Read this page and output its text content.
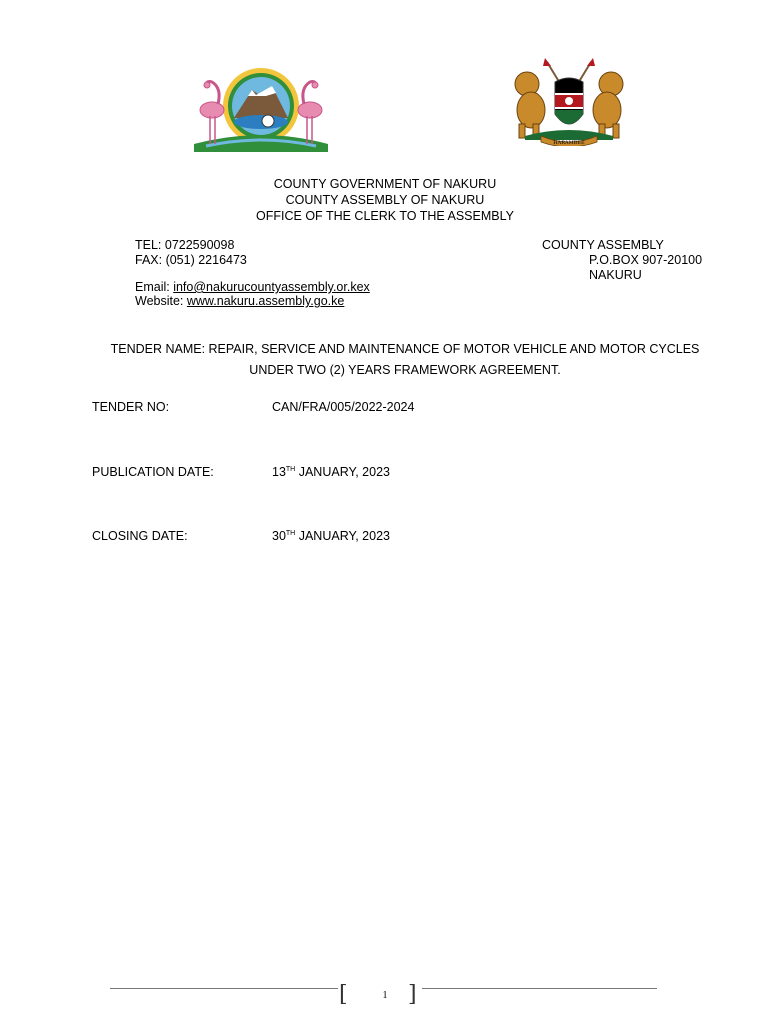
HARAMBEE
COUNTY GOVERNMENT OF NAKURU
COUNTY ASSEMBLY OF NAKURU
OFFICE OF THE CLERK TO THE ASSEMBLY
TEL: 0722590098
FAX: (051) 2216473
COUNTY ASSEMBLY
P.O.BOX 907-20100
NAKURU
Email: info@nakurucountyassembly.or.kex
Website: www.nakuru.assembly.go.ke
TENDER NAME: REPAIR, SERVICE AND MAINTENANCE OF MOTOR VEHICLE AND MOTOR CYCLES
UNDER TWO (2) YEARS FRAMEWORK AGREEMENT.
TENDER NO:	CAN/FRA/005/2022-2024
PUBLICATION DATE:	13TH JANUARY, 2023
CLOSING DATE:	30TH JANUARY, 2023
[	]
1
